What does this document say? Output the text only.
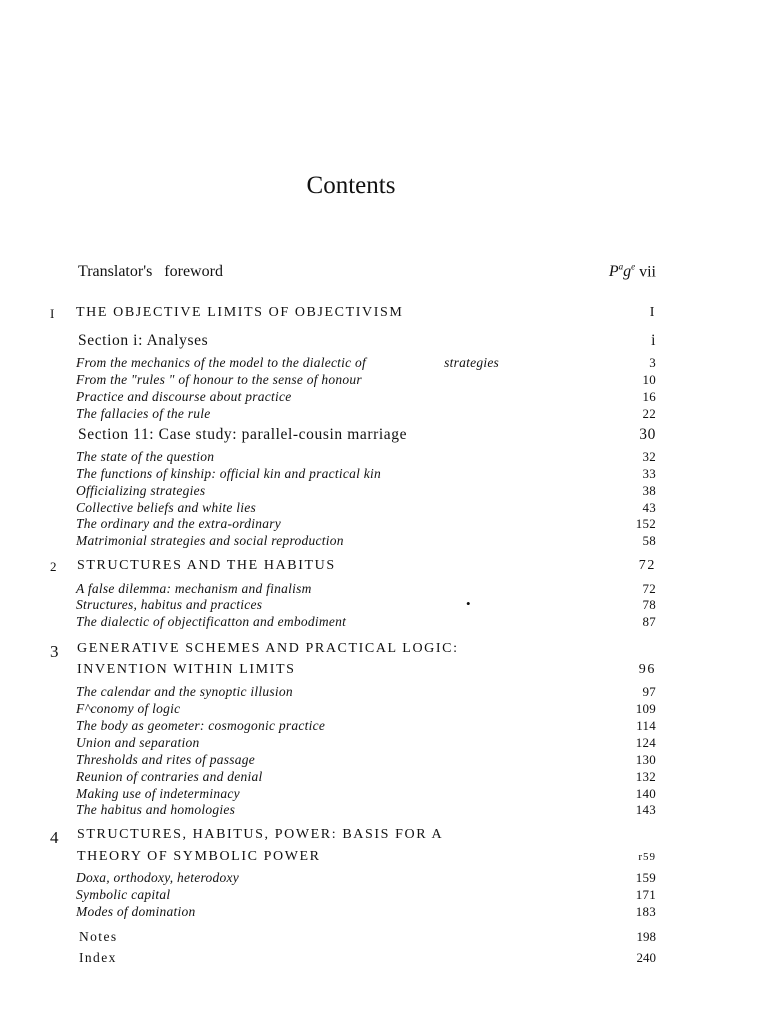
Contents
Translator's foreword	$P^ag^e$ vii
I THE OBJECTIVE LIMITS OF OBJECTIVISM	I
Section i: Analyses	i
From the mechanics of the model to the dialectic of	strategies	3
From the "rules " of honour to the sense of honour	10
Practice and discourse about practice	16
The fallacies of the rule	22
Section 11: Case study: parallel-cousin marriage	30
The state of the question	32
The functions of kinship: official kin and practical kin	33
Officializing strategies	38
Collective beliefs and white lies	43
The ordinary and the extra-ordinary	152
Matrimonial strategies and social reproduction	58
2 STRUCTURES AND THE HABITUS	72
A false dilemma: mechanism and finalism	72
Structures, habitus and practices	78
•
The dialectic of objectificatton and embodiment	87
3 GENERATIVE SCHEMES AND PRACTICAL LOGIC:
INVENTION WITHIN LIMITS	96
The calendar and the synoptic illusion	97
F^conomy of logic	109
The body as geometer: cosmogonic practice	114
Union and separation	124
Thresholds and rites of passage	130
Reunion of contraries and denial	132
Making use of indeterminacy	140
The habitus and homologies	143
4 STRUCTURES, HABITUS, POWER: BASIS FOR A
THEORY OF SYMBOLIC POWER	r59
Doxa, orthodoxy, heterodoxy	159
Symbolic capital	171
Modes of domination	183
Notes	198
Index	240
